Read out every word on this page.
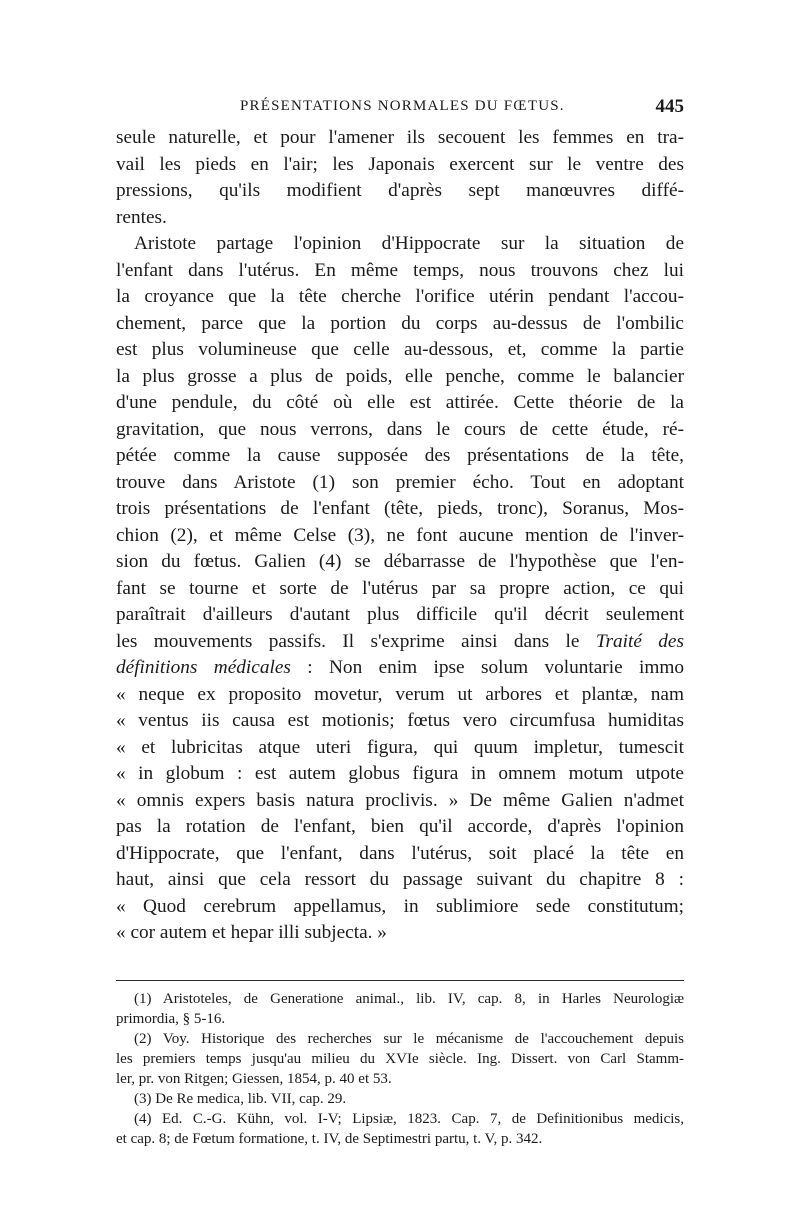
PRÉSENTATIONS NORMALES DU FŒTUS.	445
seule naturelle, et pour l'amener ils secouent les femmes en tra-
vail les pieds en l'air; les Japonais exercent sur le ventre des
pressions, qu'ils modifient d'après sept manœuvres diffé-
rentes.
Aristote partage l'opinion d'Hippocrate sur la situation de
l'enfant dans l'utérus. En même temps, nous trouvons chez lui
la croyance que la tête cherche l'orifice utérin pendant l'accou-
chement, parce que la portion du corps au-dessus de l'ombilic
est plus volumineuse que celle au-dessous, et, comme la partie
la plus grosse a plus de poids, elle penche, comme le balancier
d'une pendule, du côté où elle est attirée. Cette théorie de la
gravitation, que nous verrons, dans le cours de cette étude, ré-
pétée comme la cause supposée des présentations de la tête,
trouve dans Aristote (1) son premier écho. Tout en adoptant
trois présentations de l'enfant (tête, pieds, tronc), Soranus, Mos-
chion (2), et même Celse (3), ne font aucune mention de l'inver-
sion du fœtus. Galien (4) se débarrasse de l'hypothèse que l'en-
fant se tourne et sorte de l'utérus par sa propre action, ce qui
paraîtrait d'ailleurs d'autant plus difficile qu'il décrit seulement
les mouvements passifs. Il s'exprime ainsi dans le Traité des
définitions médicales : Non enim ipse solum voluntarie immo
« neque ex proposito movetur, verum ut arbores et plantæ, nam
« ventus iis causa est motionis; fœtus vero circumfusa humiditas
« et lubricitas atque uteri figura, qui quum impletur, tumescit
« in globum : est autem globus figura in omnem motum utpote
« omnis expers basis natura proclivis. » De même Galien n'admet
pas la rotation de l'enfant, bien qu'il accorde, d'après l'opinion
d'Hippocrate, que l'enfant, dans l'utérus, soit placé la tête en
haut, ainsi que cela ressort du passage suivant du chapitre 8 :
« Quod cerebrum appellamus, in sublimiore sede constitutum;
« cor autem et hepar illi subjecta. »
(1) Aristoteles, de Generatione animal., lib. IV, cap. 8, in Harles Neurologiæ
primordia, § 5-16.
(2) Voy. Historique des recherches sur le mécanisme de l'accouchement depuis
les premiers temps jusqu'au milieu du XVIe siècle. Ing. Dissert. von Carl Stamm-
ler, pr. von Ritgen; Giessen, 1854, p. 40 et 53.
(3) De Re medica, lib. VII, cap. 29.
(4) Ed. C.-G. Kühn, vol. I-V; Lipsiæ, 1823. Cap. 7, de Definitionibus medicis,
et cap. 8; de Fœtum formatione, t. IV, de Septimestri partu, t. V, p. 342.
